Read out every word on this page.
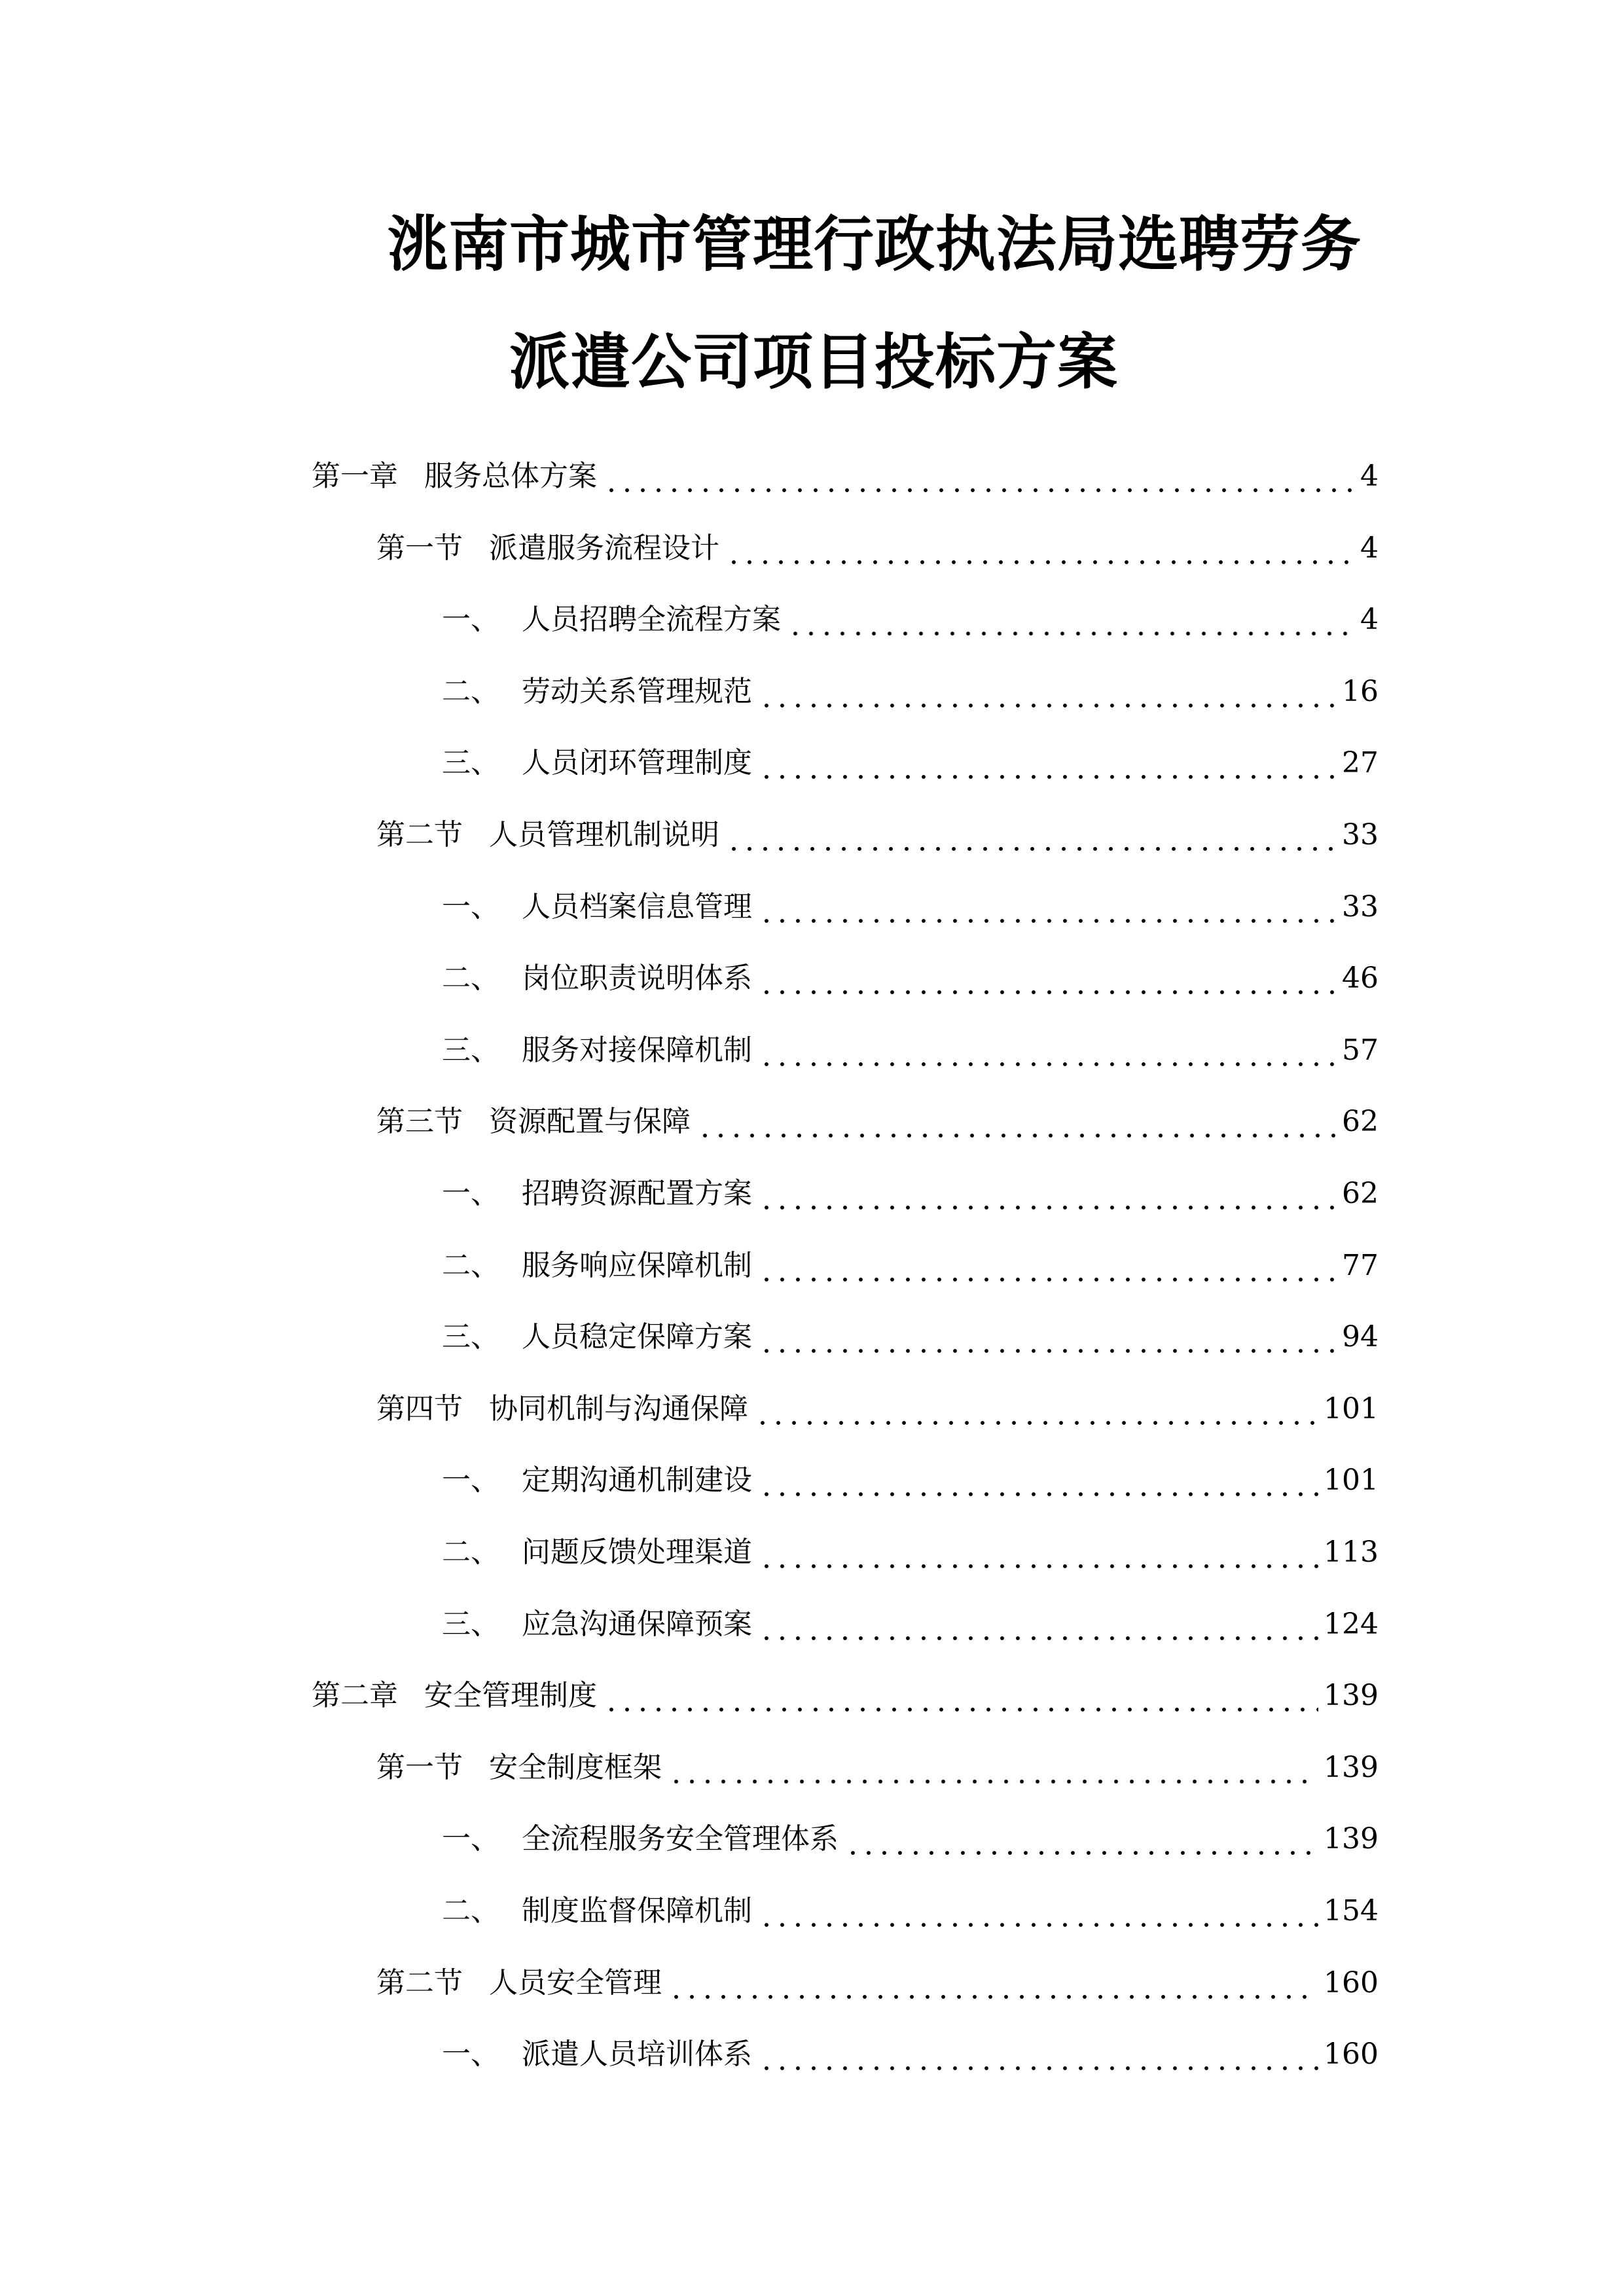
洮南市城市管理行政执法局选聘劳务
派遣公司项目投标方案
第一章 服务总体方案	4
第一节 派遣服务流程设计	4
一、 人员招聘全流程方案	4
二、 劳动关系管理规范	16
三、 人员闭环管理制度	27
第二节 人员管理机制说明	33
一、 人员档案信息管理	33
二、 岗位职责说明体系	46
三、 服务对接保障机制	57
第三节 资源配置与保障	62
一、 招聘资源配置方案	62
二、 服务响应保障机制	77
三、 人员稳定保障方案	94
第四节 协同机制与沟通保障	101
一、 定期沟通机制建设	101
二、 问题反馈处理渠道	113
三、 应急沟通保障预案	124
第二章 安全管理制度	139
第一节 安全制度框架	139
一、 全流程服务安全管理体系	139
二、 制度监督保障机制	154
第二节 人员安全管理	160
一、 派遣人员培训体系	160
